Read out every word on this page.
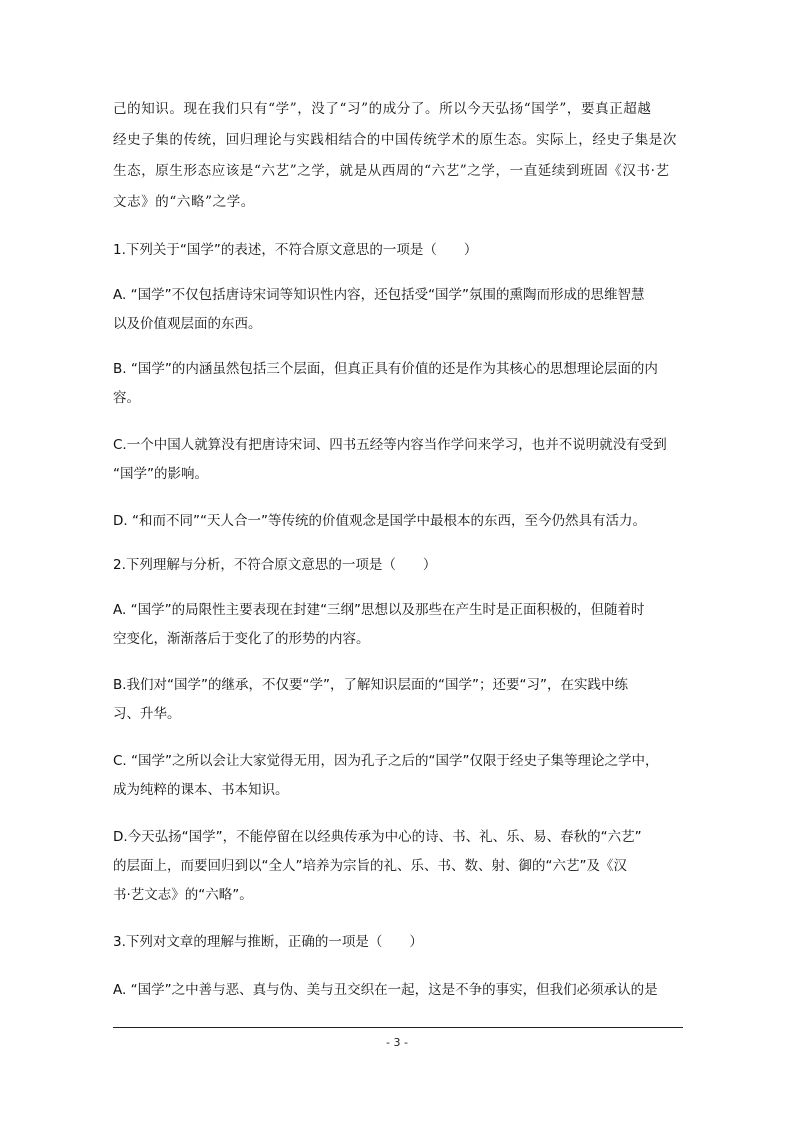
己的知识。现在我们只有“学”，没了“习”的成分了。所以今天弘扬“国学”，要真正超越

经史子集的传统，回归理论与实践相结合的中国传统学术的原生态。实际上，经史子集是次

生态，原生形态应该是“六艺”之学，就是从西周的“六艺”之学，一直延续到班固《汉书·艺

文志》的“六略”之学。

1.下列关于“国学”的表述，不符合原文意思的一项是（　　）

A. “国学”不仅包括唐诗宋词等知识性内容，还包括受“国学”氛围的熏陶而形成的思维智慧

以及价值观层面的东西。

B. “国学”的内涵虽然包括三个层面，但真正具有价值的还是作为其核心的思想理论层面的内

容。

C.一个中国人就算没有把唐诗宋词、四书五经等内容当作学问来学习，也并不说明就没有受到

“国学”的影响。

D. “和而不同”“天人合一”等传统的价值观念是国学中最根本的东西，至今仍然具有活力。

2.下列理解与分析，不符合原文意思的一项是（　　）

A. “国学”的局限性主要表现在封建“三纲”思想以及那些在产生时是正面积极的，但随着时

空变化，渐渐落后于变化了的形势的内容。

B.我们对“国学”的继承，不仅要“学”，了解知识层面的“国学”；还要“习”，在实践中练

习、升华。

C. “国学”之所以会让大家觉得无用，因为孔子之后的“国学”仅限于经史子集等理论之学中，

成为纯粹的课本、书本知识。

D.今天弘扬“国学”，不能停留在以经典传承为中心的诗、书、礼、乐、易、春秋的“六艺”

的层面上，而要回归到以“全人”培养为宗旨的礼、乐、书、数、射、御的“六艺”及《汉

书·艺文志》的“六略”。

3.下列对文章的理解与推断，正确的一项是（　　）

A. “国学”之中善与恶、真与伪、美与丑交织在一起，这是不争的事实，但我们必须承认的是

- 3 -
